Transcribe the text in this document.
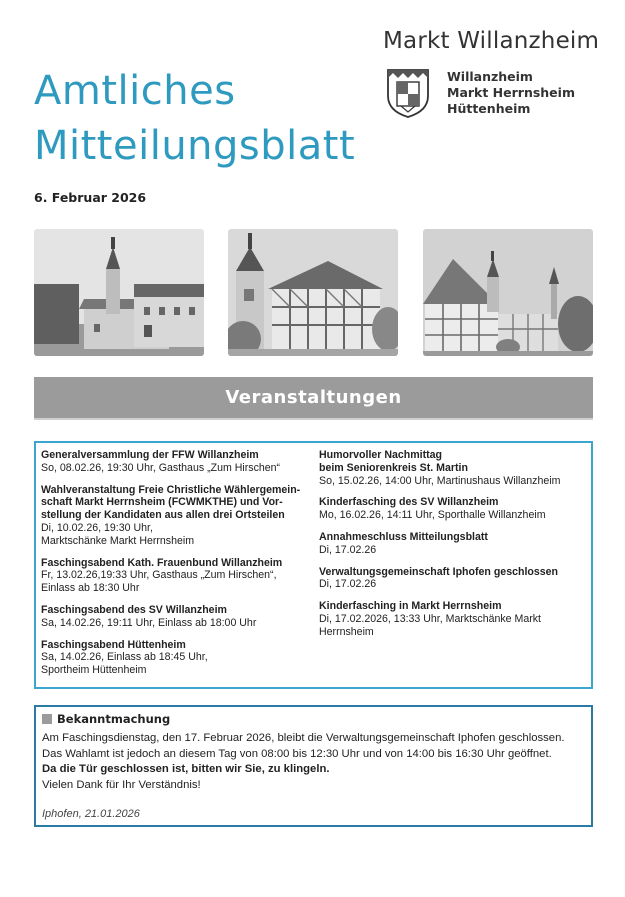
Markt Willanzheim
Willanzheim
Markt Herrnsheim
Hüttenheim
Amtliches
Mitteilungsblatt
6. Februar 2026
Veranstaltungen
Generalversammlung der FFW Willanzheim
So, 08.02.26, 19:30 Uhr, Gasthaus „Zum Hirschen“
Wahlveranstaltung Freie Christliche Wählergemein-
schaft Markt Herrnsheim (FCWMKTHE) und Vor-
stellung der Kandidaten aus allen drei Ortsteilen
Di, 10.02.26, 19:30 Uhr,
Marktschänke Markt Herrnsheim
Faschingsabend Kath. Frauenbund Willanzheim
Fr, 13.02.26,19:33 Uhr, Gasthaus „Zum Hirschen“,
Einlass ab 18:30 Uhr
Faschingsabend des SV Willanzheim
Sa, 14.02.26, 19:11 Uhr, Einlass ab 18:00 Uhr
Faschingsabend Hüttenheim
Sa, 14.02.26, Einlass ab 18:45 Uhr,
Sportheim Hüttenheim
Humorvoller Nachmittag
beim Seniorenkreis St. Martin
So, 15.02.26, 14:00 Uhr, Martinushaus Willanzheim
Kinderfasching des SV Willanzheim
Mo, 16.02.26, 14:11 Uhr, Sporthalle Willanzheim
Annahmeschluss Mitteilungsblatt
Di, 17.02.26
Verwaltungsgemeinschaft Iphofen geschlossen
Di, 17.02.26
Kinderfasching in Markt Herrnsheim
Di, 17.02.2026, 13:33 Uhr, Marktschänke Markt
Herrnsheim
Bekanntmachung
Am Faschingsdienstag, den 17. Februar 2026, bleibt die Verwaltungsgemeinschaft Iphofen geschlossen.
Das Wahlamt ist jedoch an diesem Tag von 08:00 bis 12:30 Uhr und von 14:00 bis 16:30 Uhr geöffnet.
Da die Tür geschlossen ist, bitten wir Sie, zu klingeln.
Vielen Dank für Ihr Verständnis!
Iphofen, 21.01.2026
